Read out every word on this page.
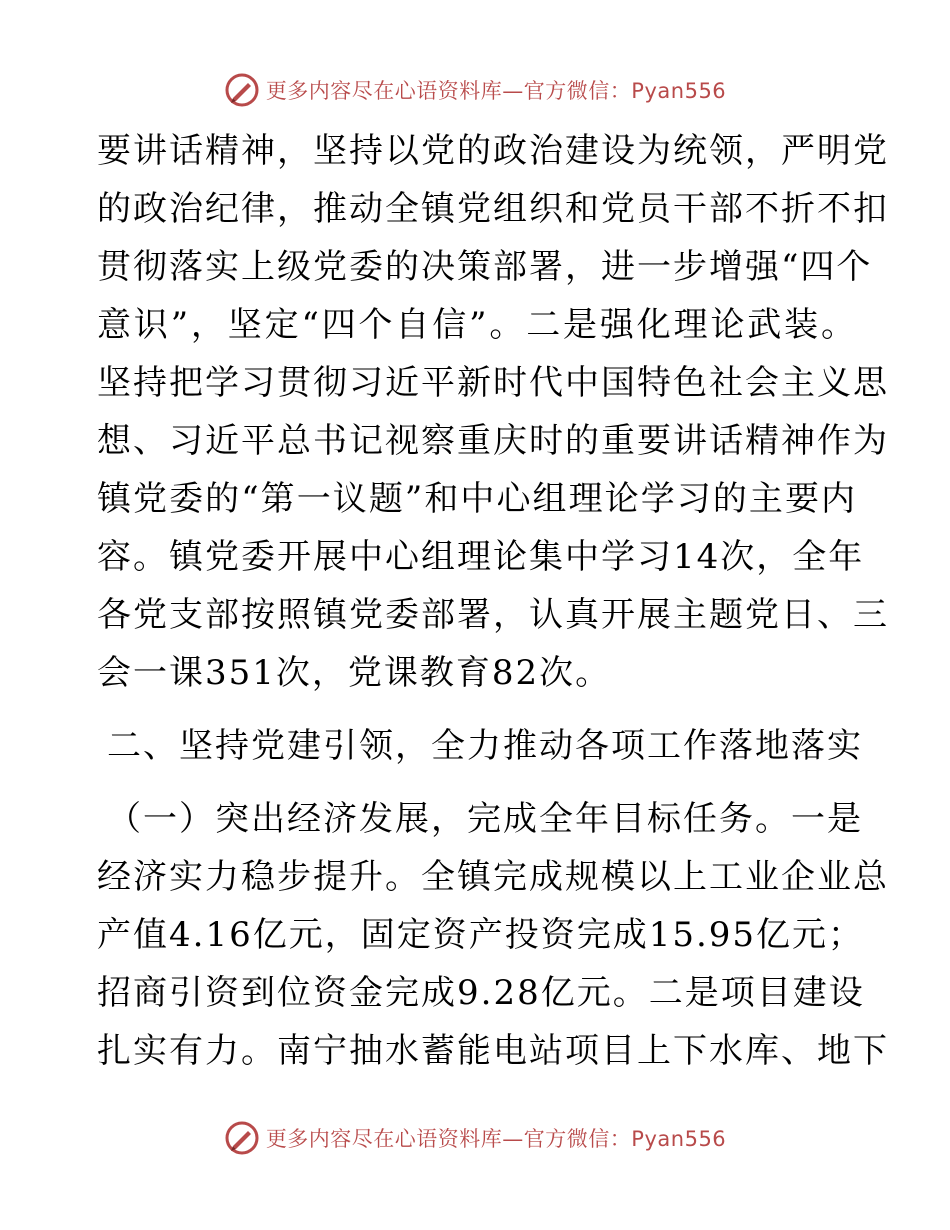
更多内容尽在心语资料库—官方微信：Pyan556
要讲话精神，坚持以党的政治建设为统领，严明党
的政治纪律，推动全镇党组织和党员干部不折不扣
贯彻落实上级党委的决策部署，进一步增强“四个
意识”，坚定“四个自信”。二是强化理论武装。
坚持把学习贯彻习近平新时代中国特色社会主义思
想、习近平总书记视察重庆时的重要讲话精神作为
镇党委的“第一议题”和中心组理论学习的主要内
容。镇党委开展中心组理论集中学习14次，全年
各党支部按照镇党委部署，认真开展主题党日、三
会一课351次，党课教育82次。
二、坚持党建引领，全力推动各项工作落地落实
（一）突出经济发展，完成全年目标任务。一是
经济实力稳步提升。全镇完成规模以上工业企业总
产值4.16亿元，固定资产投资完成15.95亿元；
招商引资到位资金完成9.28亿元。二是项目建设
扎实有力。南宁抽水蓄能电站项目上下水库、地下
更多内容尽在心语资料库—官方微信：Pyan556
